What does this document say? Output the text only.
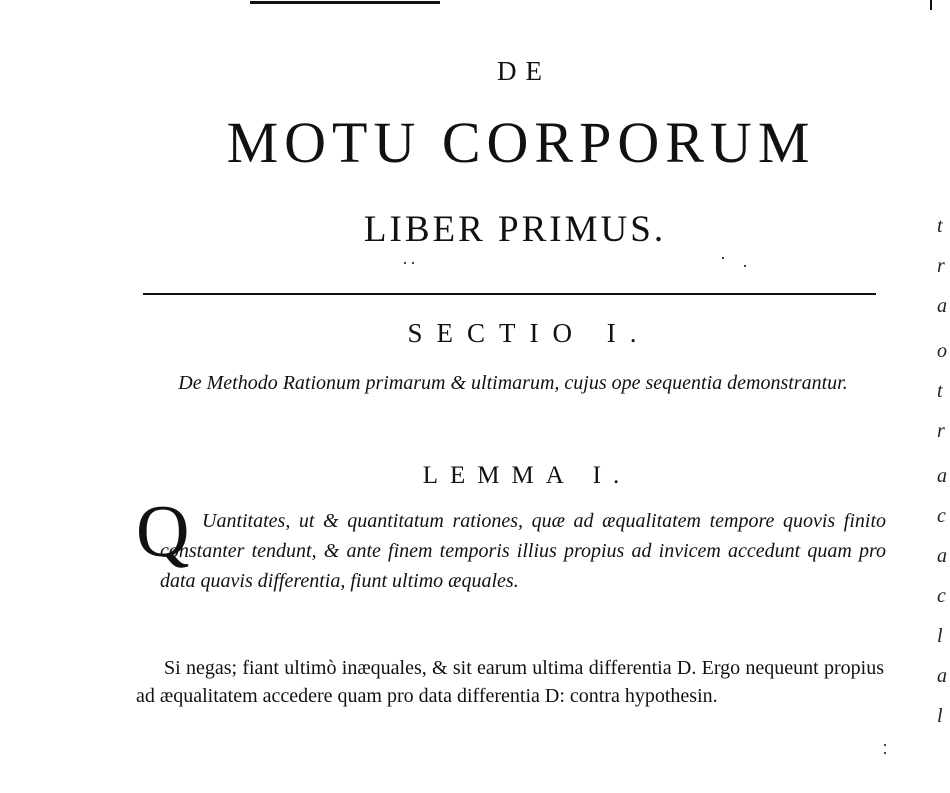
DE
MOTU CORPORUM
LIBER PRIMUS.
SECTIO I.
De Methodo Rationum primarum & ultimarum, cujus ope sequentia demonstrantur.
LEMMA I.
Q Uantitates, ut & quantitatum rationes, quæ ad æqualitatem tempore quovis finito constanter tendunt, & ante finem temporis illius propius ad invicem accedunt quam pro data quavis differentia, fiunt ultimo æquales.
Si negas; fiant ultimò inæquales, & sit earum ultima differentia D. Ergo nequeunt propius ad æqualitatem accedere quam pro data differentia D: contra hypothesin.
t
r
a
o
t
r
a
c
a
c
l
a
l
